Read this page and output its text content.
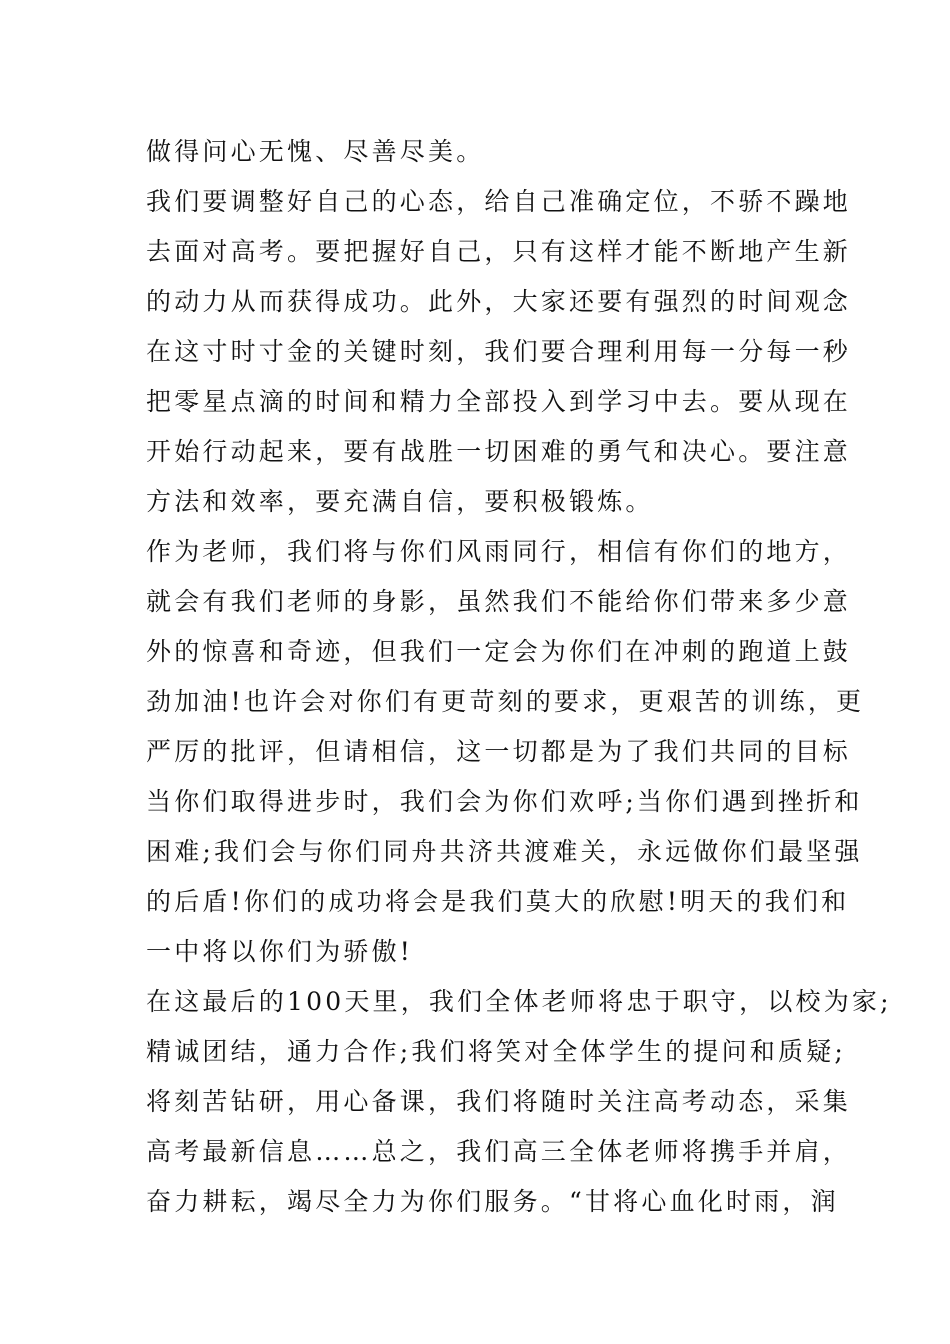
做得问心无愧、尽善尽美。
我们要调整好自己的心态，给自己准确定位，不骄不躁地
去面对高考。要把握好自己，只有这样才能不断地产生新
的动力从而获得成功。此外，大家还要有强烈的时间观念
在这寸时寸金的关键时刻，我们要合理利用每一分每一秒
把零星点滴的时间和精力全部投入到学习中去。要从现在
开始行动起来，要有战胜一切困难的勇气和决心。要注意
方法和效率，要充满自信，要积极锻炼。
作为老师，我们将与你们风雨同行，相信有你们的地方，
就会有我们老师的身影，虽然我们不能给你们带来多少意
外的惊喜和奇迹，但我们一定会为你们在冲刺的跑道上鼓
劲加油!也许会对你们有更苛刻的要求，更艰苦的训练，更
严厉的批评，但请相信，这一切都是为了我们共同的目标
当你们取得进步时，我们会为你们欢呼;当你们遇到挫折和
困难;我们会与你们同舟共济共渡难关，永远做你们最坚强
的后盾!你们的成功将会是我们莫大的欣慰!明天的我们和
一中将以你们为骄傲!
在这最后的100天里，我们全体老师将忠于职守，以校为家;
精诚团结，通力合作;我们将笑对全体学生的提问和质疑;
将刻苦钻研，用心备课，我们将随时关注高考动态，采集
高考最新信息……总之，我们高三全体老师将携手并肩，
奋力耕耘，竭尽全力为你们服务。“甘将心血化时雨，润
